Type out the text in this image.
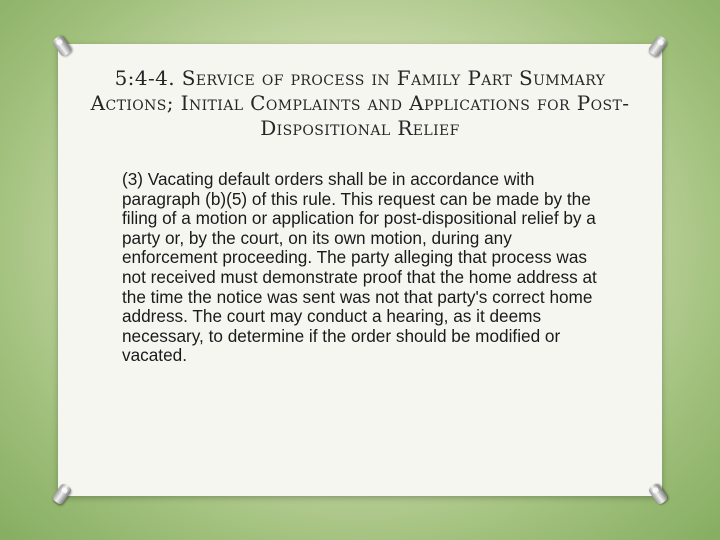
5:4-4. Service of process in Family Part Summary Actions; Initial Complaints and Applications for Post-Dispositional Relief

(3) Vacating default orders shall be in accordance with paragraph (b)(5) of this rule. This request can be made by the filing of a motion or application for post-dispositional relief by a party or, by the court, on its own motion, during any enforcement proceeding. The party alleging that process was not received must demonstrate proof that the home address at the time the notice was sent was not that party's correct home address. The court may conduct a hearing, as it deems necessary, to determine if the order should be modified or vacated.
